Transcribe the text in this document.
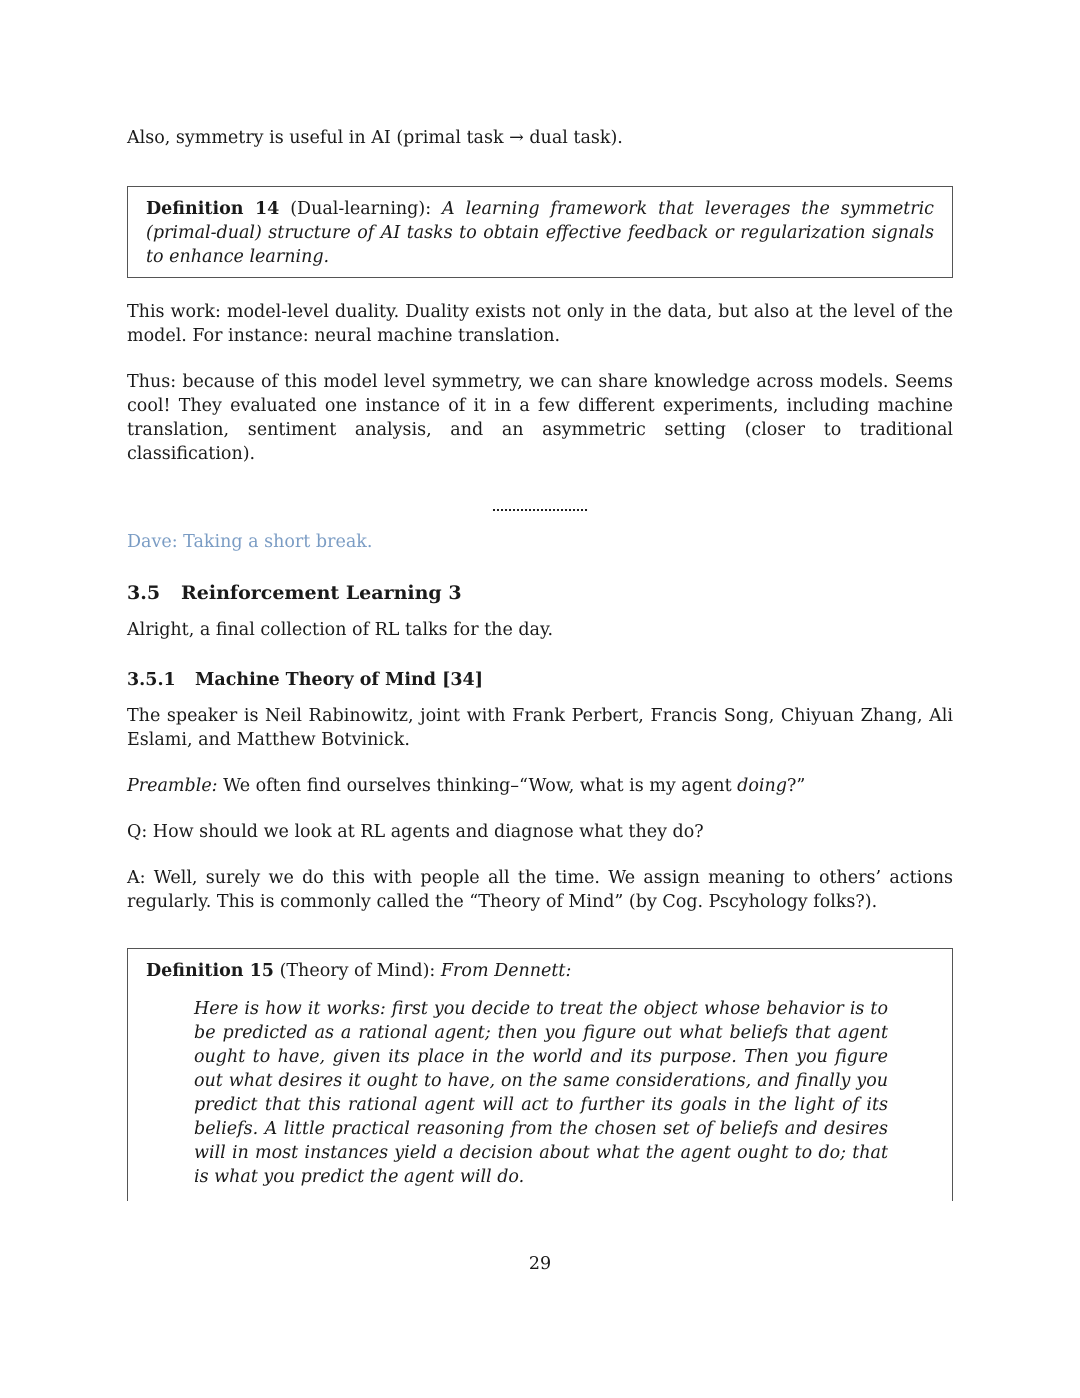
Also, symmetry is useful in AI (primal task → dual task).

Definition 14 (Dual-learning): A learning framework that leverages the symmetric (primal-dual) structure of AI tasks to obtain effective feedback or regularization signals to enhance learning.

This work: model-level duality. Duality exists not only in the data, but also at the level of the model. For instance: neural machine translation.

Thus: because of this model level symmetry, we can share knowledge across models. Seems cool! They evaluated one instance of it in a few different experiments, including machine translation, sentiment analysis, and an asymmetric setting (closer to traditional classification).

Dave: Taking a short break.

3.5 Reinforcement Learning 3

Alright, a final collection of RL talks for the day.

3.5.1 Machine Theory of Mind [34]

The speaker is Neil Rabinowitz, joint with Frank Perbert, Francis Song, Chiyuan Zhang, Ali Eslami, and Matthew Botvinick.

Preamble: We often find ourselves thinking–“Wow, what is my agent doing?”

Q: How should we look at RL agents and diagnose what they do?

A: Well, surely we do this with people all the time. We assign meaning to others’ actions regularly. This is commonly called the “Theory of Mind” (by Cog. Pscyhology folks?).

Definition 15 (Theory of Mind): From Dennett:

Here is how it works: first you decide to treat the object whose behavior is to be predicted as a rational agent; then you figure out what beliefs that agent ought to have, given its place in the world and its purpose. Then you figure out what desires it ought to have, on the same considerations, and finally you predict that this rational agent will act to further its goals in the light of its beliefs. A little practical reasoning from the chosen set of beliefs and desires will in most instances yield a decision about what the agent ought to do; that is what you predict the agent will do.

29
